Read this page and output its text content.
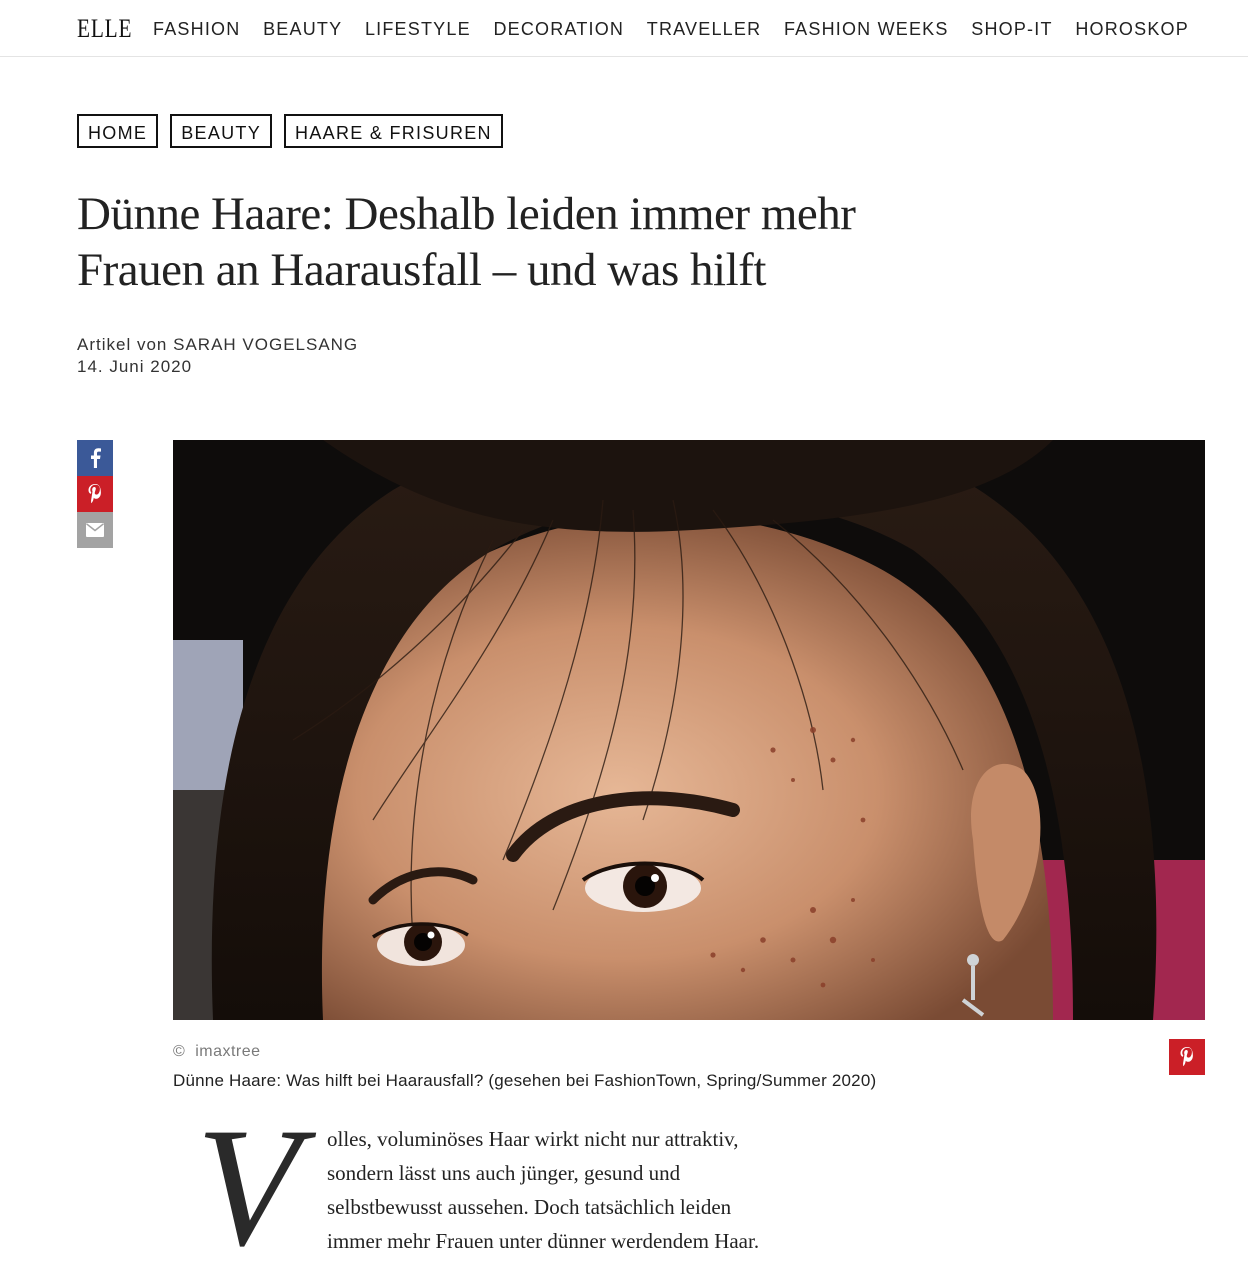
ELLE FASHION BEAUTY LIFESTYLE DECORATION TRAVELLER FASHION WEEKS SHOP-IT HOROSKOP
HOME	BEAUTY	HAARE & FRISUREN
Dünne Haare: Deshalb leiden immer mehr Frauen an Haarausfall – und was hilft
Artikel von SARAH VOGELSANG
14. Juni 2020
© imaxtree
Dünne Haare: Was hilft bei Haarausfall? (gesehen bei FashionTown, Spring/Summer 2020)
V olles, voluminöses Haar wirkt nicht nur attraktiv,
sondern lässt uns auch jünger, gesund und
selbstbewusst aussehen. Doch tatsächlich leiden
immer mehr Frauen unter dünner werdendem Haar.
